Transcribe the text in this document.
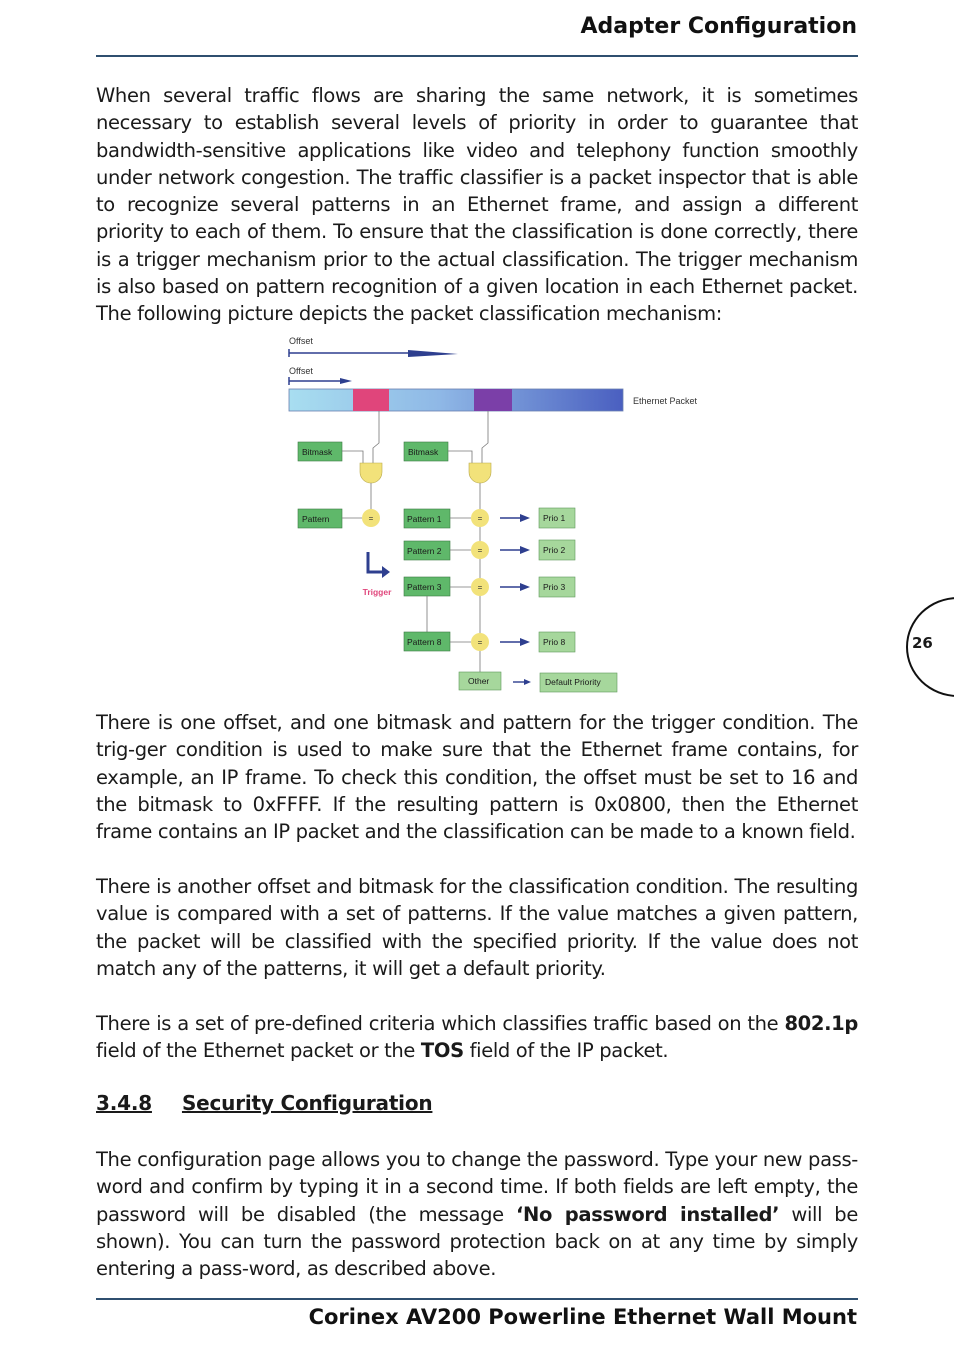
Adapter Configuration

When several traffic flows are sharing the same network, it is sometimes necessary to establish several levels of priority in order to guarantee that bandwidth-sensitive applications like video and telephony function smoothly under network congestion. The traffic classifier is a packet inspector that is able to recognize several patterns in an Ethernet frame, and assign a different priority to each of them. To ensure that the classification is done correctly, there is a trigger mechanism prior to the actual classification. The trigger mechanism is also based on pattern recognition of a given location in each Ethernet packet. The following picture depicts the packet classification mechanism:

Offset
Offset
Ethernet Packet
Bitmask	Bitmask
Pattern	=
Trigger
Pattern 1	=	Prio 1
Pattern 2	=	Prio 2
Pattern 3	=	Prio 3
Pattern 8	=	Prio 8
Other	Default Priority

There is one offset, and one bitmask and pattern for the trigger condition. The trig-ger condition is used to make sure that the Ethernet frame contains, for example, an IP frame. To check this condition, the offset must be set to 16 and the bitmask to 0xFFFF. If the resulting pattern is 0x0800, then the Ethernet frame contains an IP packet and the classification can be made to a known field.

There is another offset and bitmask for the classification condition. The resulting value is compared with a set of patterns. If the value matches a given pattern, the packet will be classified with the specified priority. If the value does not match any of the patterns, it will get a default priority.

There is a set of pre-defined criteria which classifies traffic based on the 802.1p field of the Ethernet packet or the TOS field of the IP packet.

3.4.8 Security Configuration

The configuration page allows you to change the password. Type your new pass-word and confirm by typing it in a second time. If both fields are left empty, the password will be disabled (the message ‘No password installed’ will be shown). You can turn the password protection back on at any time by simply entering a pass-word, as described above.

26
Corinex AV200 Powerline Ethernet Wall Mount
